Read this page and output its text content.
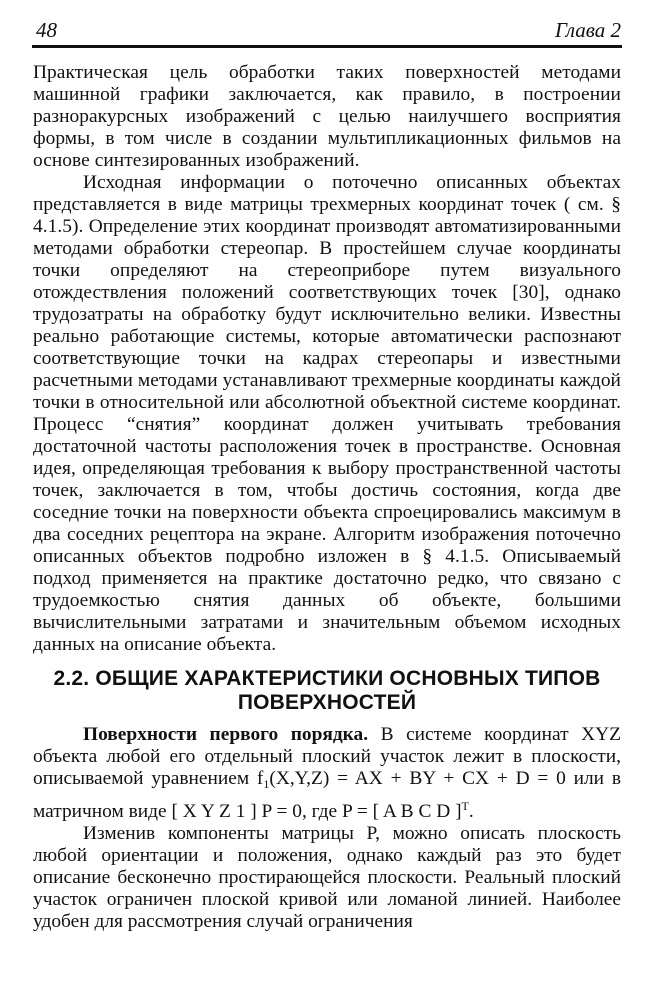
48	Глава 2

Практическая цель обработки таких поверхностей методами машинной графики заключается, как правило, в построении разноракурсных изображений с целью наилучшего восприятия формы, в том числе в создании мультипликационных фильмов на основе синтезированных изображений.

Исходная информации о поточечно описанных объектах представляется в виде матрицы трехмерных координат точек ( см. § 4.1.5). Определение этих координат производят автоматизированными методами обработки стереопар. В простейшем случае координаты точки определяют на стереоприборе путем визуального отождествления положений соответствующих точек [30], однако трудозатраты на обработку будут исключительно велики. Известны реально работающие системы, которые автоматически распознают соответствующие точки на кадрах стереопары и известными расчетными методами устанавливают трехмерные координаты каждой точки в относительной или абсолютной объектной системе координат. Процесс “снятия” координат должен учитывать требования достаточной частоты расположения точек в пространстве. Основная идея, определяющая требования к выбору пространственной частоты точек, заключается в том, чтобы достичь состояния, когда две соседние точки на поверхности объекта спроецировались максимум в два соседних рецептора на экране. Алгоритм изображения поточечно описанных объектов подробно изложен в § 4.1.5. Описываемый подход применяется на практике достаточно редко, что связано с трудоемкостью снятия данных об объекте, большими вычислительными затратами и значительным объемом исходных данных на описание объекта.

2.2. ОБЩИЕ ХАРАКТЕРИСТИКИ ОСНОВНЫХ ТИПОВ
ПОВЕРХНОСТЕЙ

Поверхности первого порядка. В системе координат XYZ объекта любой его отдельный плоский участок лежит в плоскости, описываемой уравнением $f_1(X,Y,Z)$ = AX + BY + CX + D = 0 или в матричном виде [ X Y Z 1 ] P = 0, где P = [ A B C D ]$^T$.

Изменив компоненты матрицы P, можно описать плоскость любой ориентации и положения, однако каждый раз это будет описание бесконечно простирающейся плоскости. Реальный плоский участок ограничен плоской кривой или ломаной линией. Наиболее удобен для рассмотрения случай ограничения
